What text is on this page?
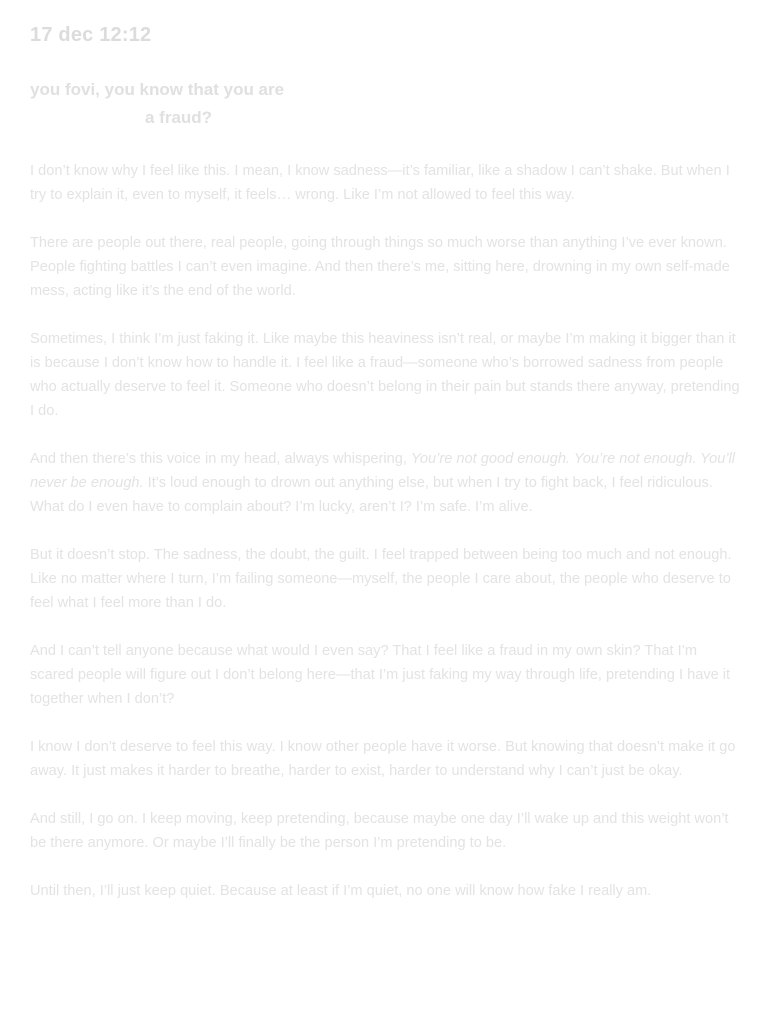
17 dec 12:12
you fovi, you know that you are
a fraud?

I don’t know why I feel like this. I mean, I know sadness—it’s familiar, like a shadow I can’t shake. But when I try to explain it, even to myself, it feels… wrong. Like I’m not allowed to feel this way.

There are people out there, real people, going through things so much worse than anything I’ve ever known. People fighting battles I can’t even imagine. And then there’s me, sitting here, drowning in my own self-made mess, acting like it’s the end of the world.

Sometimes, I think I’m just faking it. Like maybe this heaviness isn’t real, or maybe I’m making it bigger than it is because I don’t know how to handle it. I feel like a fraud—someone who’s borrowed sadness from people who actually deserve to feel it. Someone who doesn’t belong in their pain but stands there anyway, pretending I do.

And then there’s this voice in my head, always whispering, You’re not good enough. You’re not enough. You’ll never be enough. It’s loud enough to drown out anything else, but when I try to fight back, I feel ridiculous. What do I even have to complain about? I’m lucky, aren’t I? I’m safe. I’m alive.

But it doesn’t stop. The sadness, the doubt, the guilt. I feel trapped between being too much and not enough. Like no matter where I turn, I’m failing someone—myself, the people I care about, the people who deserve to feel what I feel more than I do.

And I can’t tell anyone because what would I even say? That I feel like a fraud in my own skin? That I’m scared people will figure out I don’t belong here—that I’m just faking my way through life, pretending I have it together when I don’t?

I know I don’t deserve to feel this way. I know other people have it worse. But knowing that doesn’t make it go away. It just makes it harder to breathe, harder to exist, harder to understand why I can’t just be okay.

And still, I go on. I keep moving, keep pretending, because maybe one day I’ll wake up and this weight won’t be there anymore. Or maybe I’ll finally be the person I’m pretending to be.

Until then, I’ll just keep quiet. Because at least if I’m quiet, no one will know how fake I really am.
